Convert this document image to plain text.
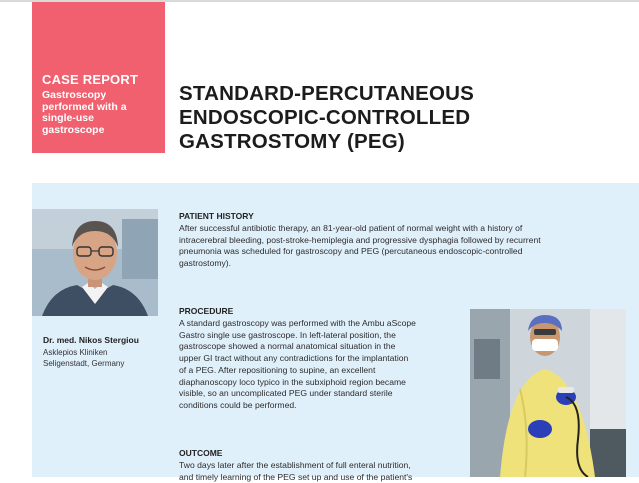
CASE REPORT
Gastroscopy performed with a single-use gastroscope
STANDARD-PERCUTANEOUS
ENDOSCOPIC-CONTROLLED
GASTROSTOMY (PEG)
Dr. med. Nikos Stergiou
Asklepios Kliniken
Seligenstadt, Germany
PATIENT HISTORY
After successful antibiotic therapy, an 81-year-old patient of normal weight with a history of
intracerebral bleeding, post-stroke-hemiplegia and progressive dysphagia followed by recurrent
pneumonia was scheduled for gastroscopy and PEG (percutaneous endoscopic-controlled
gastrostomy).
PROCEDURE
A standard gastroscopy was performed with the Ambu aScope
Gastro single use gastroscope. In left-lateral position, the
gastroscope showed a normal anatomical situation in the
upper GI tract without any contradictions for the implantation
of a PEG. After repositioning to supine, an excellent
diaphanoscopy loco typico in the subxiphoid region became
visible, so an uncomplicated PEG under standard sterile
conditions could be performed.
OUTCOME
Two days later after the establishment of full enteral nutrition,
and timely learning of the PEG set up and use of the patient's
